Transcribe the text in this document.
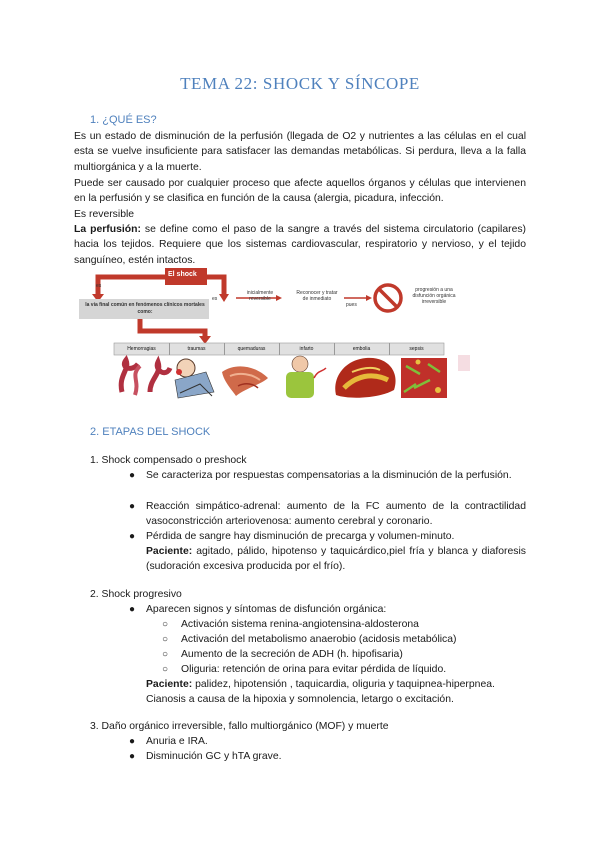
TEMA 22: SHOCK Y SÍNCOPE
1. ¿QUÉ ES?
Es un estado de disminución de la perfusión (llegada de O2 y nutrientes a las células en el cual esta se vuelve insuficiente para satisfacer las demandas metabólicas. Si perdura, lleva a la falla multiorgánica y a la muerte.
Puede ser causado por cualquier proceso que afecte aquellos órganos y células que intervienen en la perfusión y se clasifica en función de la causa (alergia, picadura, infección.
Es reversible
La perfusión: se define como el paso de la sangre a través del sistema circulatorio (capilares) hacia los tejidos. Requiere que los sistemas cardiovascular, respiratorio y nervioso, y el tejido sanguíneo, estén intactos.
El shock
es
es
la vía final común en fenómenos clínicos mortales como:
inicialmente reversible
Reconocer y tratar de inmediato
pues
progresión a una disfunción orgánica irreversible
Hemorragias	traumas	quemaduras	infarto	embolia	sepsis
2. ETAPAS DEL SHOCK
1. Shock compensado o preshock
● Se caracteriza por respuestas compensatorias a la disminución de la perfusión.
● Reacción simpático-adrenal: aumento de la FC aumento de la contractilidad vasoconstricción arteriovenosa: aumento cerebral y coronario.
● Pérdida de sangre hay disminución de precarga y volumen-minuto.
Paciente: agitado, pálido, hipotenso y taquicárdico,piel fría y blanca y diaforesis (sudoración excesiva producida por el frío).
2. Shock progresivo
● Aparecen signos y síntomas de disfunción orgánica:
○ Activación sistema renina-angiotensina-aldosterona
○ Activación del metabolismo anaerobio (acidosis metabólica)
○ Aumento de la secreción de ADH (h. hipofisaria)
○ Oliguria: retención de orina para evitar pérdida de líquido.
Paciente: palidez, hipotensión , taquicardia, oliguria y taquipnea-hiperpnea.
Cianosis a causa de la hipoxia y somnolencia, letargo o excitación.
3. Daño orgánico irreversible, fallo multiorgánico (MOF) y muerte
● Anuria e IRA.
● Disminución GC y hTA grave.
